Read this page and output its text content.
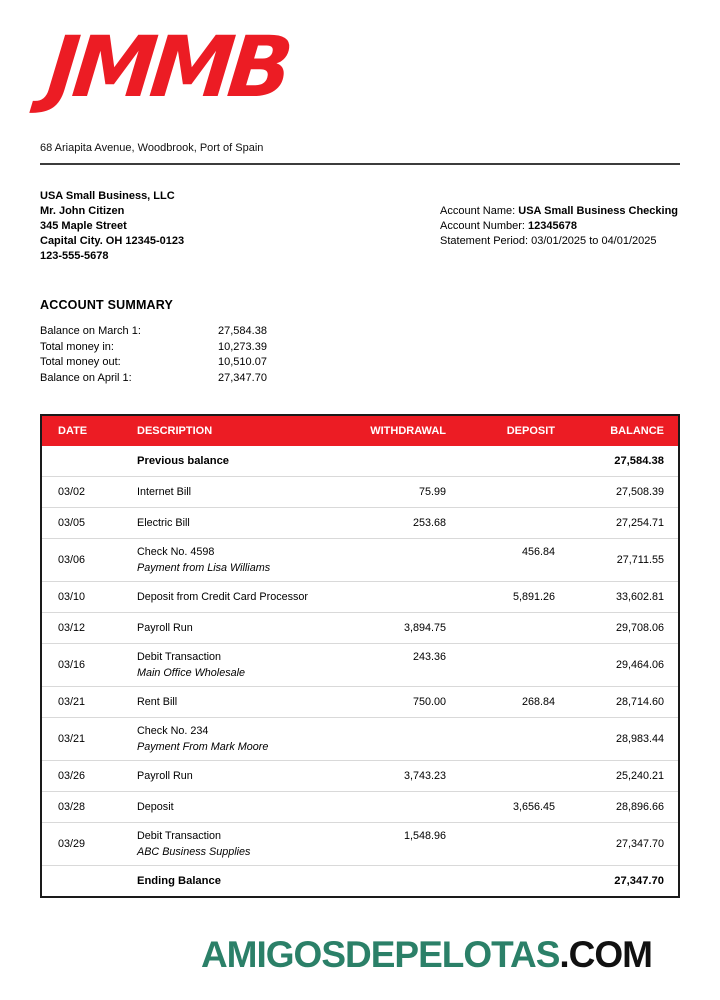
JMMB
68 Ariapita Avenue, Woodbrook, Port of Spain
USA Small Business, LLC
Mr. John Citizen
345 Maple Street
Capital City. OH 12345-0123
123-555-5678
Account Name: USA Small Business Checking
Account Number: 12345678
Statement Period: 03/01/2025 to 04/01/2025
ACCOUNT SUMMARY
Balance on March 1:	27,584.38
Total money in:	10,273.39
Total money out:	10,510.07
Balance on April 1:	27,347.70
DATE	DESCRIPTION	WITHDRAWAL	DEPOSIT	BALANCE

	Previous balance			27,584.38
03/02	Internet Bill	75.99		27,508.39
03/05	Electric Bill	253.68		27,254.71
03/06	Check No. 4598
Payment from Lisa Williams		456.84	27,711.55
03/10	Deposit from Credit Card Processor		5,891.26	33,602.81
03/12	Payroll Run	3,894.75		29,708.06
03/16	Debit Transaction
Main Office Wholesale	243.36		29,464.06
03/21	Rent Bill	750.00	268.84	28,714.60
03/21	Check No. 234
Payment From Mark Moore			28,983.44
03/26	Payroll Run	3,743.23		25,240.21
03/28	Deposit		3,656.45	28,896.66
03/29	Debit Transaction
ABC Business Supplies	1,548.96		27,347.70

	Ending Balance			27,347.70
AMIGOSDEPELOTAS.COM
